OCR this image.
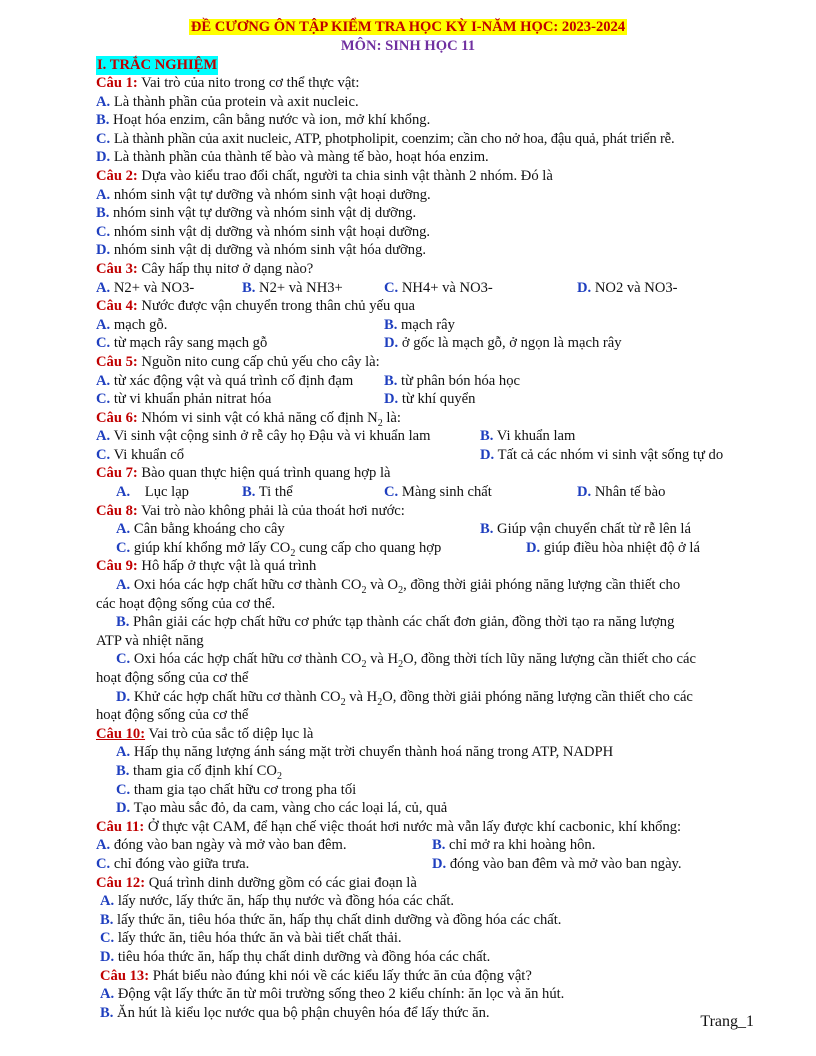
ĐỀ CƯƠNG ÔN TẬP KIỂM TRA HỌC KỲ I-NĂM HỌC: 2023-2024
MÔN: SINH HỌC 11
I. TRẮC NGHIỆM
Câu 1: Vai trò của nito trong cơ thể thực vật:
A. Là thành phần của protein và axit nucleic.
B. Hoạt hóa enzim, cân bằng nước và ion, mở khí khổng.
C. Là thành phần của axit nucleic, ATP, photpholipit, coenzim; cần cho nở hoa, đậu quả, phát triển rễ.
D. Là thành phần của thành tế bào và màng tế bào, hoạt hóa enzim.
Câu 2: Dựa vào kiểu trao đổi chất, người ta chia sinh vật thành 2 nhóm. Đó là
A. nhóm sinh vật tự dưỡng và nhóm sinh vật hoại dưỡng.
B. nhóm sinh vật tự dưỡng và nhóm sinh vật dị dưỡng.
C. nhóm sinh vật dị dưỡng và nhóm sinh vật hoại dưỡng.
D. nhóm sinh vật dị dưỡng và nhóm sinh vật hóa dưỡng.
Câu 3: Cây hấp thụ nitơ ở dạng nào?
A. N2+ và NO3-	B. N2+ và NH3+	C. NH4+ và NO3-	D. NO2 và NO3-
Câu 4: Nước được vận chuyển trong thân chủ yếu qua
A. mạch gỗ.	B. mạch rây
C. từ mạch rây sang mạch gỗ	D. ở gốc là mạch gỗ, ở ngọn là mạch rây
Câu 5: Nguồn nito cung cấp chủ yếu cho cây là:
A. từ xác động vật và quá trình cố định đạm B. từ phân bón hóa học
C. từ vi khuẩn phản nitrat hóa	D. từ khí quyển
Câu 6: Nhóm vi sinh vật có khả năng cố định $N_2$ là:
A. Vi sinh vật cộng sinh ở rễ cây họ Đậu và vi khuẩn lam	B. Vi khuẩn lam
C. Vi khuẩn cổ	D. Tất cả các nhóm vi sinh vật sống tự do
Câu 7: Bào quan thực hiện quá trình quang hợp là
A. Lục lạp	B. Ti thể	C. Màng sinh chất	D. Nhân tế bào
Câu 8: Vai trò nào không phải là của thoát hơi nước:
A. Cân bằng khoáng cho cây	B. Giúp vận chuyển chất từ rễ lên lá
C. giúp khí khổng mở lấy $CO_2$ cung cấp cho quang hợp	D. giúp điều hòa nhiệt độ ở lá
Câu 9: Hô hấp ở thực vật là quá trình
A. Oxi hóa các hợp chất hữu cơ thành $CO_2$ và $O_2$, đồng thời giải phóng năng lượng cần thiết cho
các hoạt động sống của cơ thể.
B. Phân giải các hợp chất hữu cơ phức tạp thành các chất đơn giản, đồng thời tạo ra năng lượng
ATP và nhiệt năng
C. Oxi hóa các hợp chất hữu cơ thành $CO_2$ và $H_2O$, đồng thời tích lũy năng lượng cần thiết cho các
hoạt động sống của cơ thể
D. Khử các hợp chất hữu cơ thành $CO_2$ và $H_2O$, đồng thời giải phóng năng lượng cần thiết cho các
hoạt động sống của cơ thể
Câu 10: Vai trò của sắc tố diệp lục là
A. Hấp thụ năng lượng ánh sáng mặt trời chuyển thành hoá năng trong ATP, NADPH
B. tham gia cố định khí $CO_2$
C. tham gia tạo chất hữu cơ trong pha tối
D. Tạo màu sắc đỏ, da cam, vàng cho các loại lá, củ, quả
Câu 11: Ở thực vật CAM, để hạn chế việc thoát hơi nước mà vẫn lấy được khí cacbonic, khí khổng:
A. đóng vào ban ngày và mở vào ban đêm.	B. chỉ mở ra khi hoàng hôn.
C. chỉ đóng vào giữa trưa.	D. đóng vào ban đêm và mở vào ban ngày.
Câu 12: Quá trình dinh dưỡng gồm có các giai đoạn là
A. lấy nước, lấy thức ăn, hấp thụ nước và đồng hóa các chất.
B. lấy thức ăn, tiêu hóa thức ăn, hấp thụ chất dinh dưỡng và đồng hóa các chất.
C. lấy thức ăn, tiêu hóa thức ăn và bài tiết chất thải.
D. tiêu hóa thức ăn, hấp thụ chất dinh dưỡng và đồng hóa các chất.
Câu 13: Phát biểu nào đúng khi nói về các kiểu lấy thức ăn của động vật?
A. Động vật lấy thức ăn từ môi trường sống theo 2 kiểu chính: ăn lọc và ăn hút.
B. Ăn hút là kiểu lọc nước qua bộ phận chuyên hóa để lấy thức ăn.
Trang_1
